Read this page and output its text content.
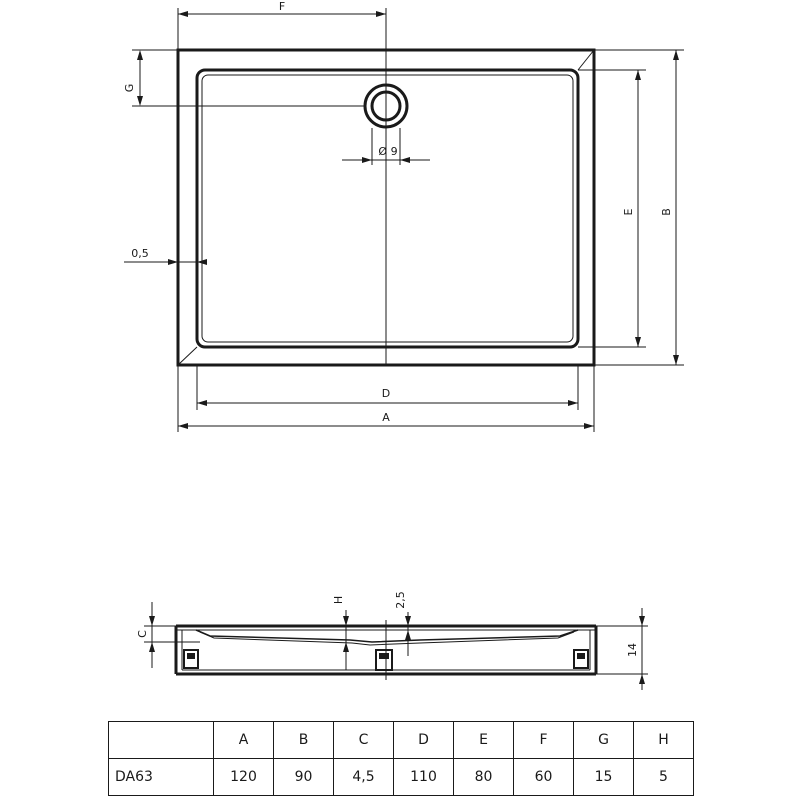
F
G
Ø 9
0,5
E B
D
A
C
H	2,5
14
	A	B	C	D	E	F	G	H
DA63	120	90	4,5	110	80	60	15	5
